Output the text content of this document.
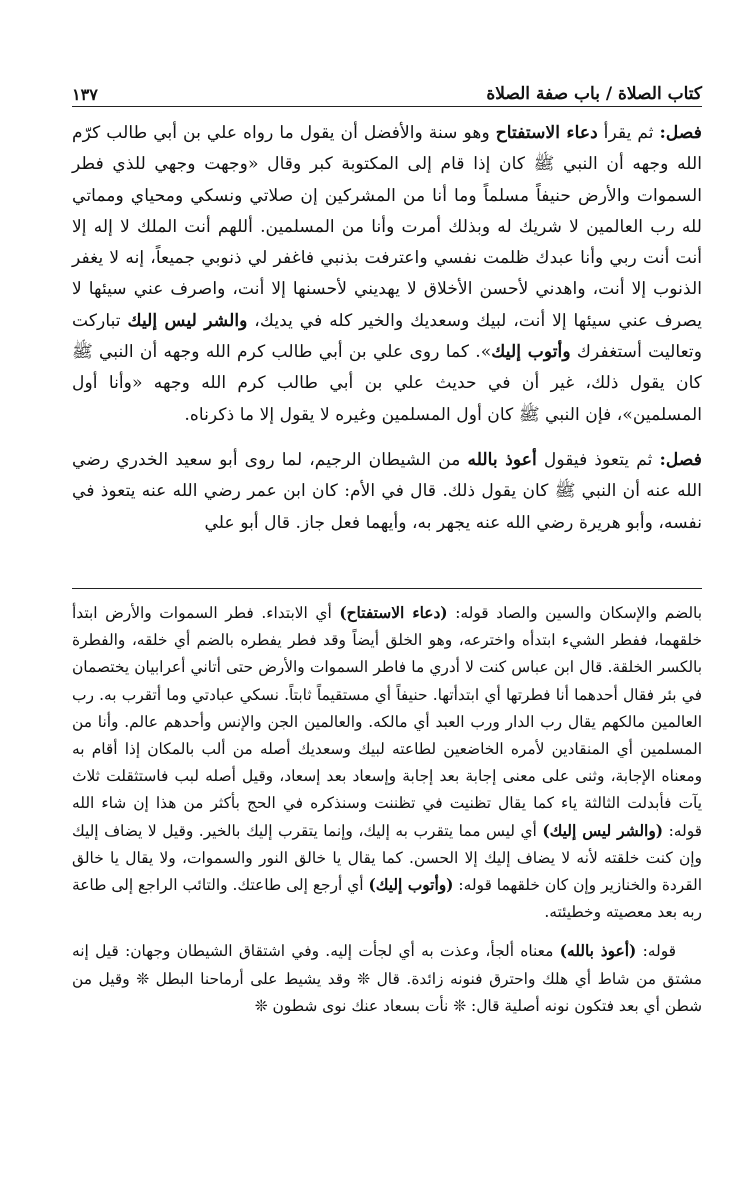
كتاب الصلاة / باب صفة الصلاة
١٣٧

فصل: ثم يقرأ دعاء الاستفتاح وهو سنة والأفضل أن يقول ما رواه علي بن أبي طالب كرّم الله وجهه أن النبي ﷺ كان إذا قام إلى المكتوبة كبر وقال «وجهت وجهي للذي فطر السموات والأرض حنيفاً مسلماً وما أنا من المشركين إن صلاتي ونسكي ومحياي ومماتي لله رب العالمين لا شريك له وبذلك أمرت وأنا من المسلمين. أللهم أنت الملك لا إله إلا أنت أنت ربي وأنا عبدك ظلمت نفسي واعترفت بذنبي فاغفر لي ذنوبي جميعاً، إنه لا يغفر الذنوب إلا أنت، واهدني لأحسن الأخلاق لا يهديني لأحسنها إلا أنت، واصرف عني سيئها لا يصرف عني سيئها إلا أنت، لبيك وسعديك والخير كله في يديك، والشر ليس إليك تباركت وتعاليت أستغفرك وأتوب إليك». كما روى علي بن أبي طالب كرم الله وجهه أن النبي ﷺ كان يقول ذلك، غير أن في حديث علي بن أبي طالب كرم الله وجهه «وأنا أول المسلمين»، فإن النبي ﷺ كان أول المسلمين وغيره لا يقول إلا ما ذكرناه.

فصل: ثم يتعوذ فيقول أعوذ بالله من الشيطان الرجيم، لما روى أبو سعيد الخدري رضي الله عنه أن النبي ﷺ كان يقول ذلك. قال في الأم: كان ابن عمر رضي الله عنه يتعوذ في نفسه، وأبو هريرة رضي الله عنه يجهر به، وأيهما فعل جاز. قال أبو علي

بالضم والإسكان والسين والصاد قوله: (دعاء الاستفتاح) أي الابتداء. فطر السموات والأرض ابتدأ خلقهما، ففطر الشيء ابتدأه واخترعه، وهو الخلق أيضاً وقد فطر يفطره بالضم أي خلقه، والفطرة بالكسر الخلقة. قال ابن عباس كنت لا أدري ما فاطر السموات والأرض حتى أتاني أعرابيان يختصمان في بئر فقال أحدهما أنا فطرتها أي ابتدأتها. حنيفاً أي مستقيماً ثابتاً. نسكي عبادتي وما أتقرب به. رب العالمين مالكهم يقال رب الدار ورب العبد أي مالكه. والعالمين الجن والإنس وأحدهم عالم. وأنا من المسلمين أي المنقادين لأمره الخاضعين لطاعته لبيك وسعديك أصله من ألب بالمكان إذا أقام به ومعناه الإجابة، وثنى على معنى إجابة بعد إجابة وإسعاد بعد إسعاد، وقيل أصله لبب فاستثقلت ثلاث يآت فأبدلت الثالثة ياء كما يقال تظنيت في تظننت وسنذكره في الحج بأكثر من هذا إن شاء الله قوله: (والشر ليس إليك) أي ليس مما يتقرب به إليك، وإنما يتقرب إليك بالخير. وقيل لا يضاف إليك وإن كنت خلقته لأنه لا يضاف إليك إلا الحسن. كما يقال يا خالق النور والسموات، ولا يقال يا خالق القردة والخنازير وإن كان خلقهما قوله: (وأتوب إليك) أي أرجع إلى طاعتك. والتائب الراجع إلى طاعة ربه بعد معصيته وخطيئته.

قوله: (أعوذ بالله) معناه ألجأ، وعذت به أي لجأت إليه. وفي اشتقاق الشيطان وجهان: قيل إنه مشتق من شاط أي هلك واحترق فنونه زائدة. قال ❊ وقد يشيط على أرماحنا البطل ❊ وقيل من شطن أي بعد فتكون نونه أصلية قال: ❊ نأت بسعاد عنك نوى شطون ❊
